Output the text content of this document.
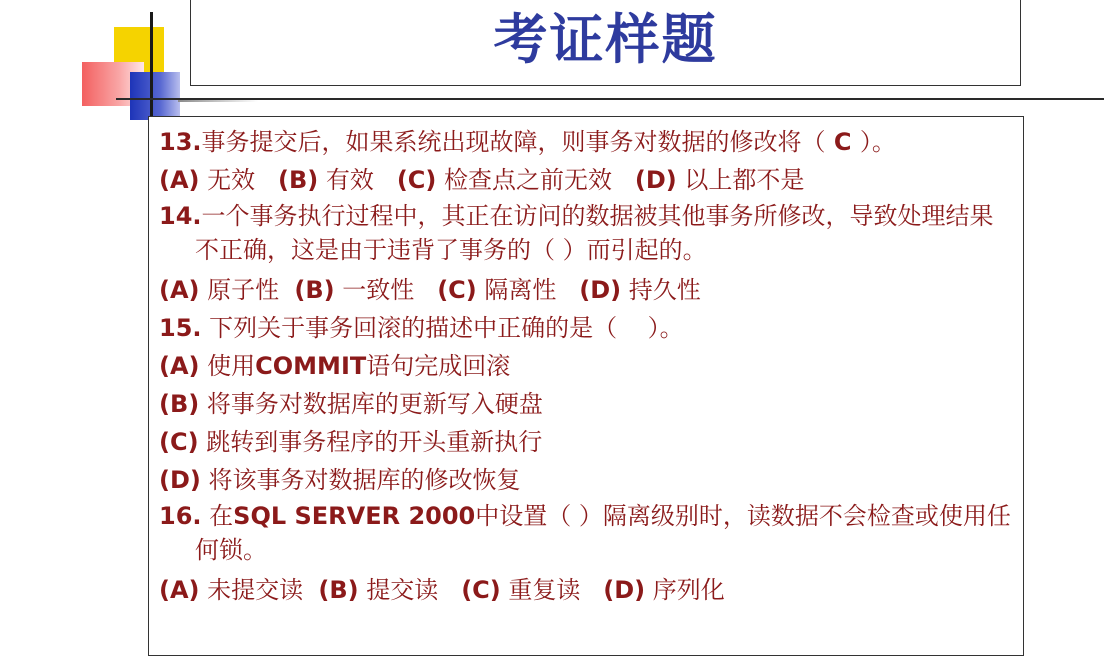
考证样题
13.事务提交后，如果系统出现故障，则事务对数据的修改将（ C ）。
(A) 无效   (B) 有效   (C) 检查点之前无效   (D) 以上都不是
14.一个事务执行过程中，其正在访问的数据被其他事务所修改，导致处理结果不正确，这是由于违背了事务的（ ）而引起的。
(A) 原子性  (B) 一致性   (C) 隔离性   (D) 持久性
15. 下列关于事务回滚的描述中正确的是（    ）。
(A) 使用COMMIT语句完成回滚
(B) 将事务对数据库的更新写入硬盘
(C) 跳转到事务程序的开头重新执行
(D) 将该事务对数据库的修改恢复
16. 在SQL SERVER 2000中设置（ ）隔离级别时，读数据不会检查或使用任何锁。
(A) 未提交读  (B) 提交读   (C) 重复读   (D) 序列化
